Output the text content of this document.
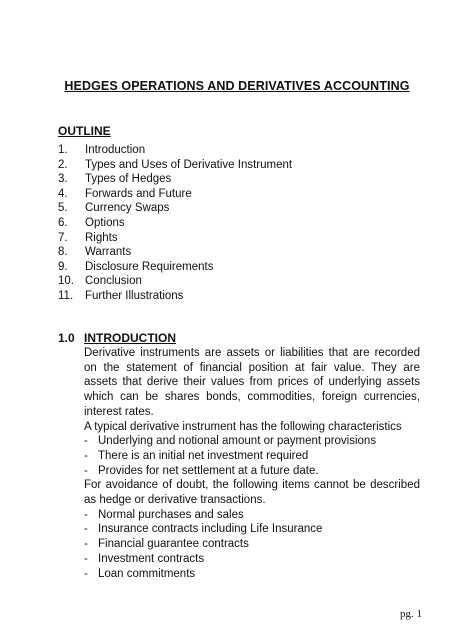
HEDGES OPERATIONS AND DERIVATIVES ACCOUNTING
OUTLINE
1. Introduction
2. Types and Uses of Derivative Instrument
3. Types of Hedges
4. Forwards and Future
5. Currency Swaps
6. Options
7. Rights
8. Warrants
9. Disclosure Requirements
10. Conclusion
11. Further Illustrations
1.0 INTRODUCTION

Derivative instruments are assets or liabilities that are recorded on the statement of financial position at fair value. They are assets that derive their values from prices of underlying assets which can be shares bonds, commodities, foreign currencies, interest rates.

A typical derivative instrument has the following characteristics

- Underlying and notional amount or payment provisions

- There is an initial net investment required

- Provides for net settlement at a future date.

For avoidance of doubt, the following items cannot be described as hedge or derivative transactions.

- Normal purchases and sales

- Insurance contracts including Life Insurance

- Financial guarantee contracts

- Investment contracts

- Loan commitments

pg. 1
